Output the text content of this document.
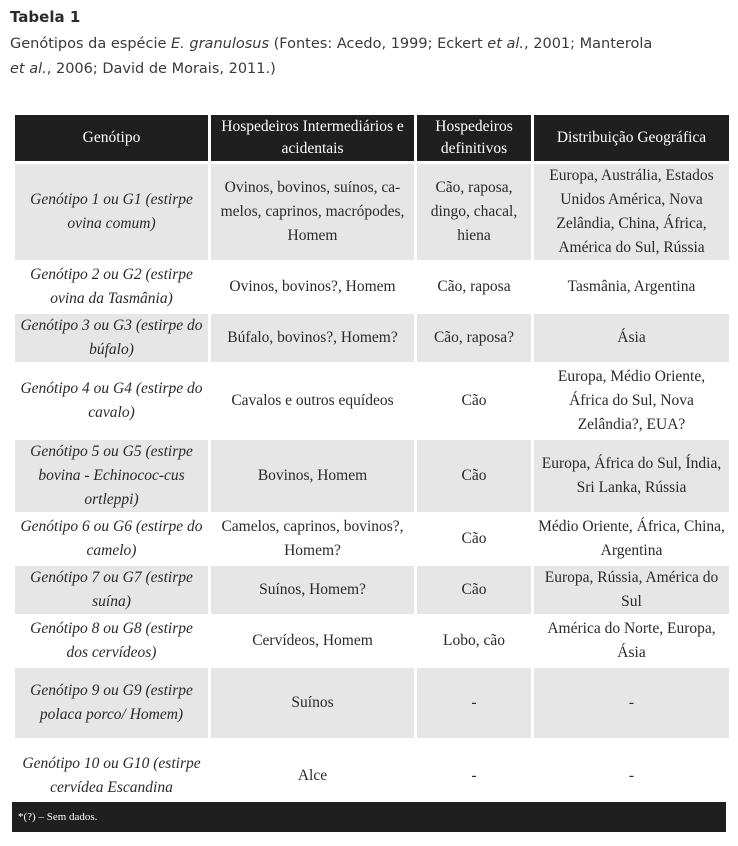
Tabela 1

Genótipos da espécie E. granulosus (Fontes: Acedo, 1999; Eckert et al., 2001; Manterola
et al., 2006; David de Morais, 2011.)

Genótipo	Hospedeiros Intermediários e acidentais	Hospedeiros definitivos	Distribuição Geográfica
Genótipo 1 ou G1 (estirpe ovina comum)	Ovinos, bovinos, suínos, ca-melos, caprinos, macrópodes, Homem	Cão, raposa, dingo, chacal, hiena	Europa, Austrália, Estados Unidos América, Nova Zelândia, China, África, América do Sul, Rússia
Genótipo 2 ou G2 (estirpe ovina da Tasmânia)	Ovinos, bovinos?, Homem	Cão, raposa	Tasmânia, Argentina
Genótipo 3 ou G3 (estirpe do búfalo)	Búfalo, bovinos?, Homem?	Cão, raposa?	Ásia
Genótipo 4 ou G4 (estirpe do cavalo)	Cavalos e outros equídeos	Cão	Europa, Médio Oriente, África do Sul, Nova Zelândia?, EUA?
Genótipo 5 ou G5 (estirpe bovina - Echinococ-cus ortleppi)	Bovinos, Homem	Cão	Europa, África do Sul, Índia, Sri Lanka, Rússia
Genótipo 6 ou G6 (estirpe do camelo)	Camelos, caprinos, bovinos?, Homem?	Cão	Médio Oriente, África, China, Argentina
Genótipo 7 ou G7 (estirpe suína)	Suínos, Homem?	Cão	Europa, Rússia, América do Sul
Genótipo 8 ou G8 (estirpe dos cervídeos)	Cervídeos, Homem	Lobo, cão	América do Norte, Europa, Ásia
Genótipo 9 ou G9 (estirpe polaca porco/ Homem)	Suínos	-	-
Genótipo 10 ou G10 (estirpe cervídea Escandina	Alce	-	-
*(?) – Sem dados.
